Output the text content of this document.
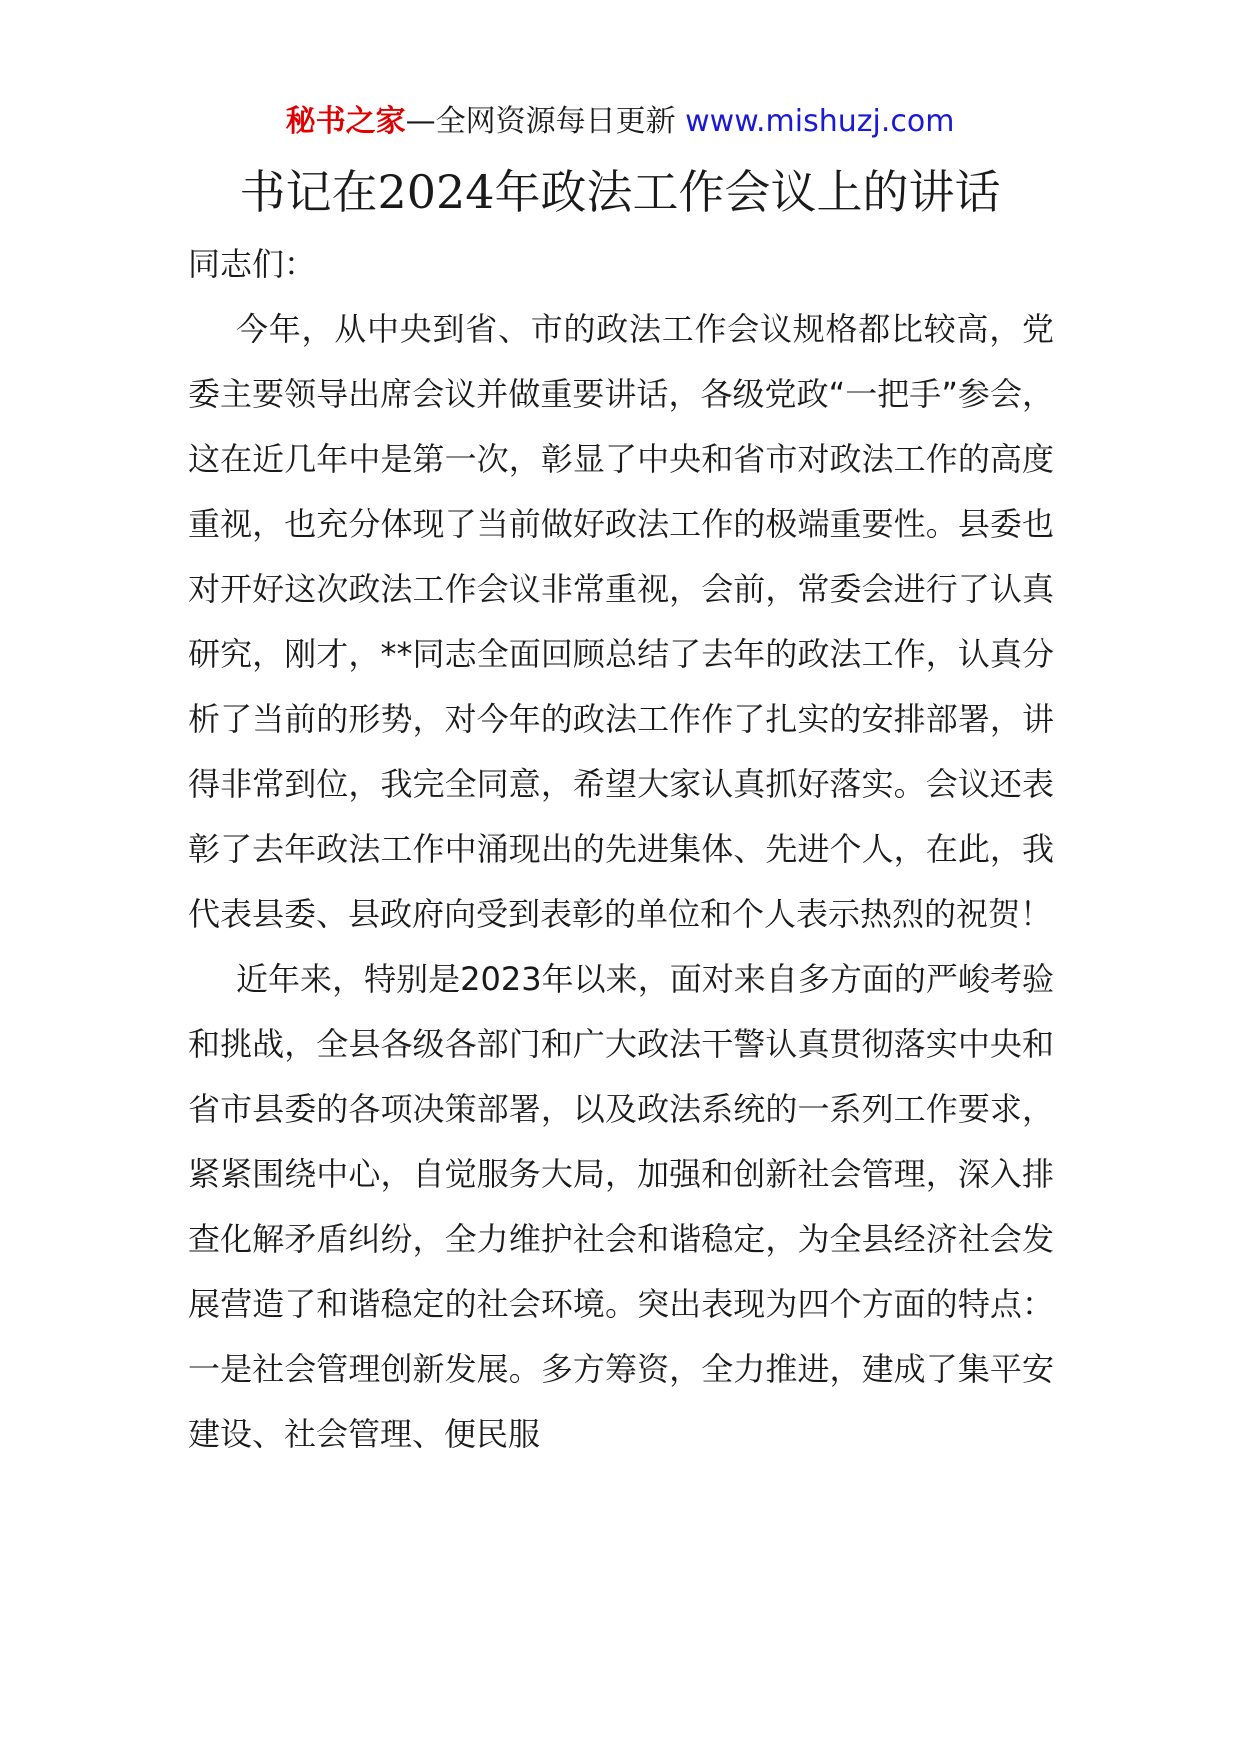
秘书之家—全网资源每日更新 www.mishuzj.com
书记在2024年政法工作会议上的讲话

同志们：

今年，从中央到省、市的政法工作会议规格都比较高，党委主要领导出席会议并做重要讲话，各级党政“一把手”参会，这在近几年中是第一次，彰显了中央和省市对政法工作的高度重视，也充分体现了当前做好政法工作的极端重要性。县委也对开好这次政法工作会议非常重视，会前，常委会进行了认真研究，刚才，**同志全面回顾总结了去年的政法工作，认真分析了当前的形势，对今年的政法工作作了扎实的安排部署，讲得非常到位，我完全同意，希望大家认真抓好落实。会议还表彰了去年政法工作中涌现出的先进集体、先进个人，在此，我代表县委、县政府向受到表彰的单位和个人表示热烈的祝贺！

近年来，特别是2023年以来，面对来自多方面的严峻考验和挑战，全县各级各部门和广大政法干警认真贯彻落实中央和省市县委的各项决策部署，以及政法系统的一系列工作要求，紧紧围绕中心，自觉服务大局，加强和创新社会管理，深入排查化解矛盾纠纷，全力维护社会和谐稳定，为全县经济社会发展营造了和谐稳定的社会环境。突出表现为四个方面的特点：一是社会管理创新发展。多方筹资，全力推进，建成了集平安建设、社会管理、便民服
